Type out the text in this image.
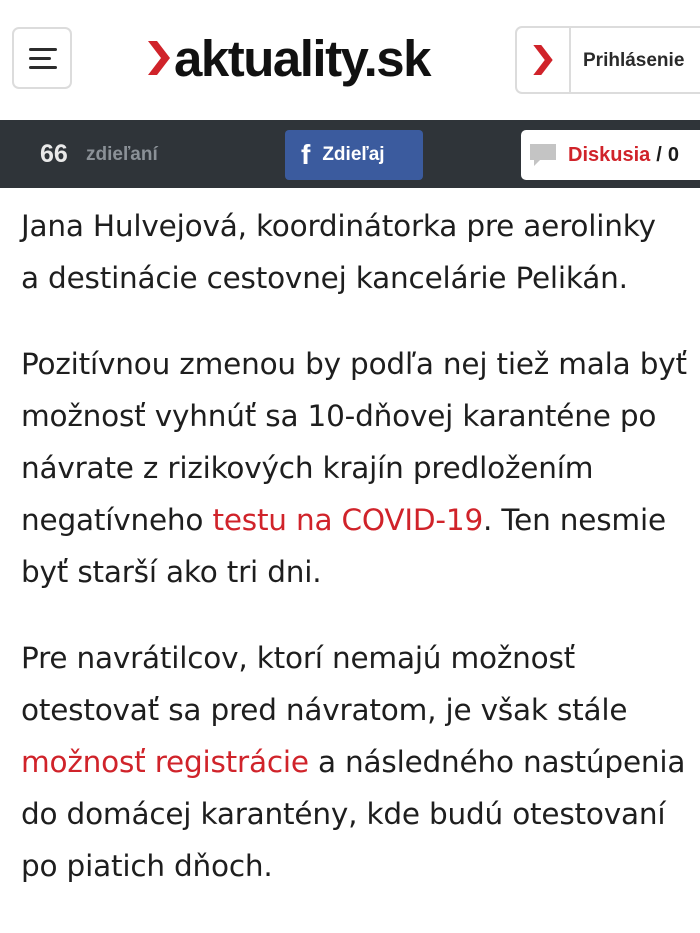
aktuality.sk	Prihlásenie
66 zdieľaní	f Zdieľaj	Diskusia / 0

Jana Hulvejová, koordinátorka pre aerolinky
a destinácie cestovnej kancelárie Pelikán.

Pozitívnou zmenou by podľa nej tiež mala byť možnosť vyhnúť sa 10-dňovej karanténe po návrate z rizikových krajín predložením negatívneho testu na COVID-19. Ten nesmie byť starší ako tri dni.

Pre navrátilcov, ktorí nemajú možnosť otestovať sa pred návratom, je však stále možnosť registrácie a následného nastúpenia do domácej karantény, kde budú otestovaní po piatich dňoch.
